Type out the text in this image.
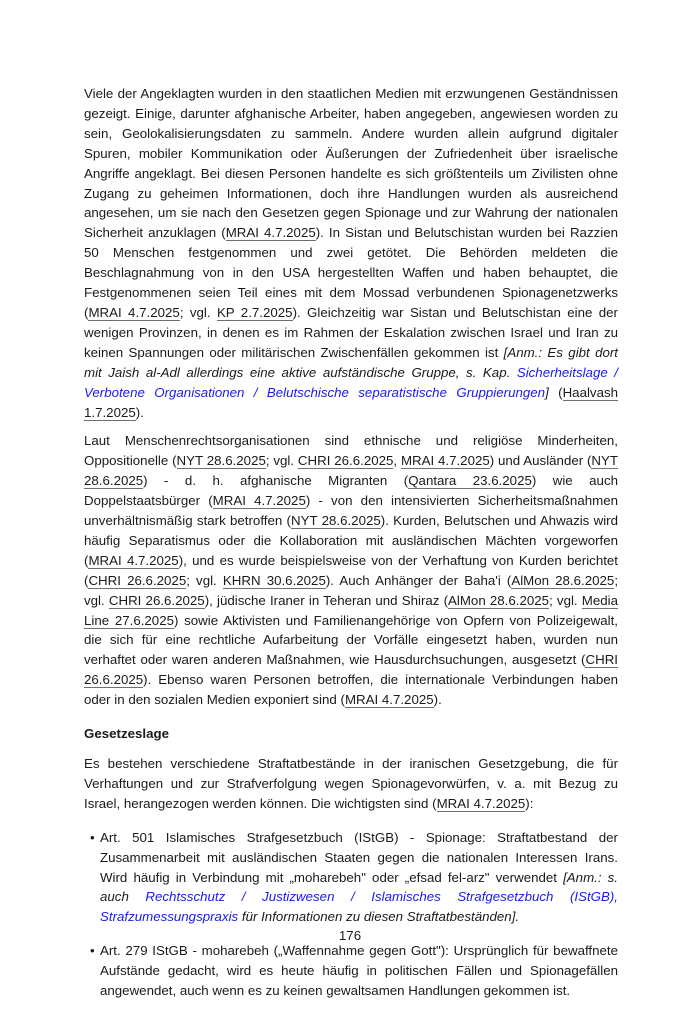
Viele der Angeklagten wurden in den staatlichen Medien mit erzwungenen Geständnissen gezeigt. Einige, darunter afghanische Arbeiter, haben angegeben, angewiesen worden zu sein, Geolokalisierungsdaten zu sammeln. Andere wurden allein aufgrund digitaler Spuren, mobiler Kommunikation oder Äußerungen der Zufriedenheit über israelische Angriffe angeklagt. Bei diesen Personen handelte es sich größtenteils um Zivilisten ohne Zugang zu geheimen Informationen, doch ihre Handlungen wurden als ausreichend angesehen, um sie nach den Gesetzen gegen Spionage und zur Wahrung der nationalen Sicherheit anzuklagen (MRAI 4.7.2025). In Sistan und Belutschistan wurden bei Razzien 50 Menschen festgenommen und zwei getötet. Die Behörden meldeten die Beschlagnahmung von in den USA hergestellten Waffen und haben behauptet, die Festgenommenen seien Teil eines mit dem Mossad verbundenen Spionagenetzwerks (MRAI 4.7.2025; vgl. KP 2.7.2025). Gleichzeitig war Sistan und Belutschistan eine der wenigen Provinzen, in denen es im Rahmen der Eskalation zwischen Israel und Iran zu keinen Spannungen oder militärischen Zwischenfällen gekommen ist [Anm.: Es gibt dort mit Jaish al-Adl allerdings eine aktive aufständische Gruppe, s. Kap. Sicherheitslage / Verbotene Organisationen / Belutschische separatistische Gruppierungen] (Haalvash 1.7.2025).

Laut Menschenrechtsorganisationen sind ethnische und religiöse Minderheiten, Oppositionelle (NYT 28.6.2025; vgl. CHRI 26.6.2025, MRAI 4.7.2025) und Ausländer (NYT 28.6.2025) - d. h. afghanische Migranten (Qantara 23.6.2025) wie auch Doppelstaatsbürger (MRAI 4.7.2025) - von den intensivierten Sicherheitsmaßnahmen unverhältnismäßig stark betroffen (NYT 28.6.2025). Kurden, Belutschen und Ahwazis wird häufig Separatismus oder die Kollaboration mit ausländischen Mächten vorgeworfen (MRAI 4.7.2025), und es wurde beispielsweise von der Verhaftung von Kurden berichtet (CHRI 26.6.2025; vgl. KHRN 30.6.2025). Auch Anhänger der Baha'i (AlMon 28.6.2025; vgl. CHRI 26.6.2025), jüdische Iraner in Teheran und Shiraz (AlMon 28.6.2025; vgl. Media Line 27.6.2025) sowie Aktivisten und Familienangehörige von Opfern von Polizeigewalt, die sich für eine rechtliche Aufarbeitung der Vorfälle eingesetzt haben, wurden nun verhaftet oder waren anderen Maßnahmen, wie Hausdurchsuchungen, ausgesetzt (CHRI 26.6.2025). Ebenso waren Personen betroffen, die internationale Verbindungen haben oder in den sozialen Medien exponiert sind (MRAI 4.7.2025).

Gesetzeslage

Es bestehen verschiedene Straftatbestände in der iranischen Gesetzgebung, die für Verhaftungen und zur Strafverfolgung wegen Spionagevorwürfen, v. a. mit Bezug zu Israel, herangezogen werden können. Die wichtigsten sind (MRAI 4.7.2025):

• Art. 501 Islamisches Strafgesetzbuch (IStGB) - Spionage: Straftatbestand der Zusammenarbeit mit ausländischen Staaten gegen die nationalen Interessen Irans. Wird häufig in Verbindung mit „moharebeh" oder „efsad fel-arz" verwendet [Anm.: s. auch Rechtsschutz / Justizwesen / Islamisches Strafgesetzbuch (IStGB), Strafzumessungspraxis für Informationen zu diesen Straftatbeständen].
• Art. 279 IStGB - moharebeh („Waffennahme gegen Gott"): Ursprünglich für bewaffnete Aufstände gedacht, wird es heute häufig in politischen Fällen und Spionagefällen angewendet, auch wenn es zu keinen gewaltsamen Handlungen gekommen ist.
176
